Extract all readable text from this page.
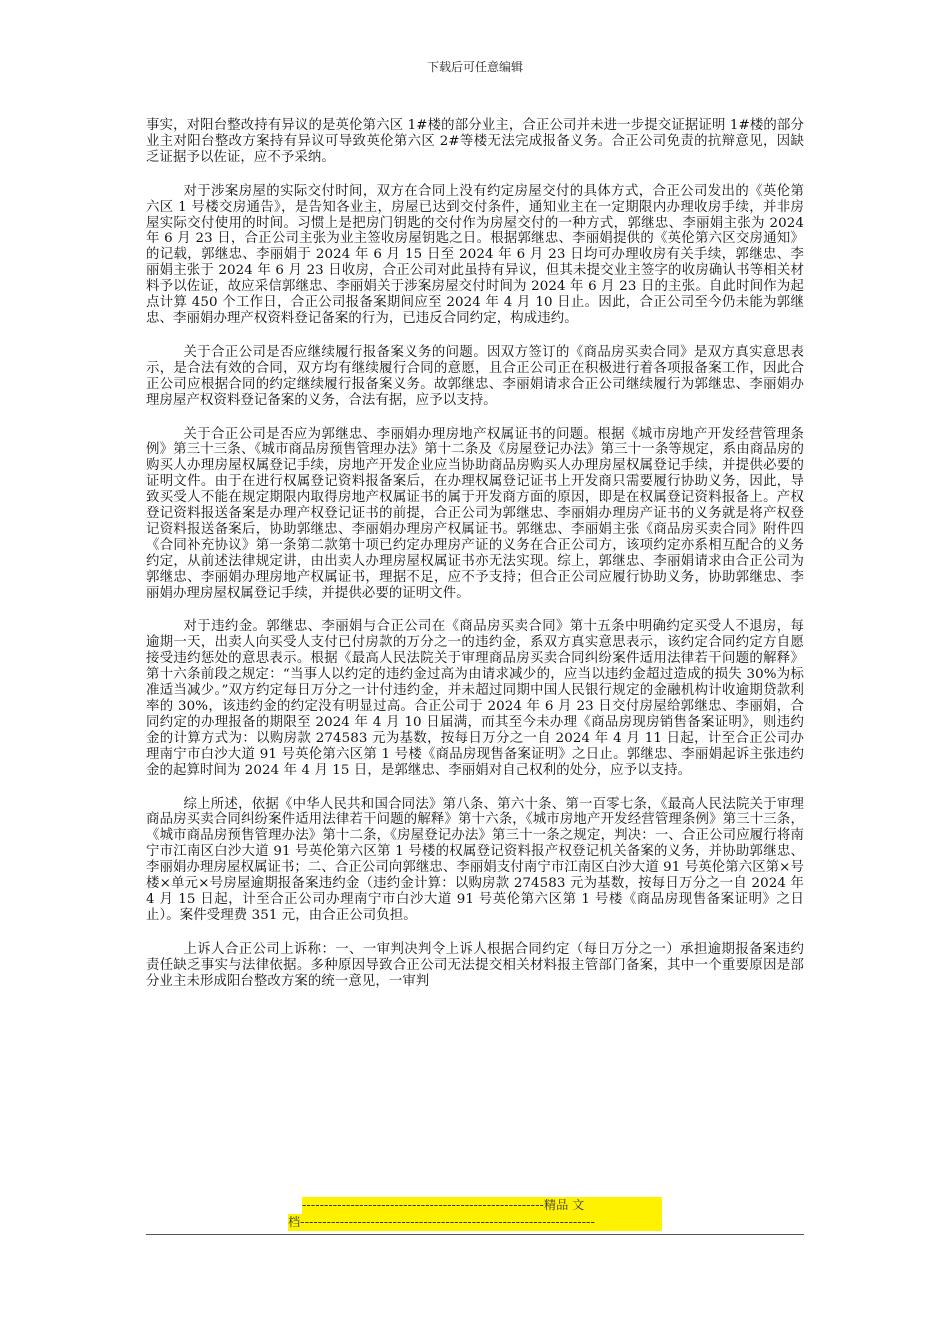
下载后可任意编辑

事实，对阳台整改持有异议的是英伦第六区 1#楼的部分业主，合正公司并未进一步提交证据证明 1#楼的部分业主对阳台整改方案持有异议可导致英伦第六区 2#等楼无法完成报备义务。合正公司免责的抗辩意见，因缺乏证据予以佐证，应不予采纳。

对于涉案房屋的实际交付时间，双方在合同上没有约定房屋交付的具体方式，合正公司发出的《英伦第六区 1 号楼交房通告》，是告知各业主，房屋已达到交付条件，通知业主在一定期限内办理收房手续，并非房屋实际交付使用的时间。习惯上是把房门钥匙的交付作为房屋交付的一种方式，郭继忠、李丽娟主张为 2024 年 6 月 23 日，合正公司主张为业主签收房屋钥匙之日。根据郭继忠、李丽娟提供的《英伦第六区交房通知》的记载，郭继忠、李丽娟于 2024 年 6 月 15 日至 2024 年 6 月 23 日均可办理收房有关手续，郭继忠、李丽娟主张于 2024 年 6 月 23 日收房，合正公司对此虽持有异议，但其未提交业主签字的收房确认书等相关材料予以佐证，故应采信郭继忠、李丽娟关于涉案房屋交付时间为 2024 年 6 月 23 日的主张。自此时间作为起点计算 450 个工作日，合正公司报备案期间应至 2024 年 4 月 10 日止。因此，合正公司至今仍未能为郭继忠、李丽娟办理产权资料登记备案的行为，已违反合同约定，构成违约。

关于合正公司是否应继续履行报备案义务的问题。因双方签订的《商品房买卖合同》是双方真实意思表示，是合法有效的合同，双方均有继续履行合同的意愿，且合正公司正在积极进行着各项报备案工作，因此合正公司应根据合同的约定继续履行报备案义务。故郭继忠、李丽娟请求合正公司继续履行为郭继忠、李丽娟办理房屋产权资料登记备案的义务，合法有据，应予以支持。

关于合正公司是否应为郭继忠、李丽娟办理房地产权属证书的问题。根据《城市房地产开发经营管理条例》第三十三条、《城市商品房预售管理办法》第十二条及《房屋登记办法》第三十一条等规定，系由商品房的购买人办理房屋权属登记手续，房地产开发企业应当协助商品房购买人办理房屋权属登记手续，并提供必要的证明文件。由于在进行权属登记资料报备案后，在办理权属登记证书上开发商只需要履行协助义务，因此，导致买受人不能在规定期限内取得房地产权属证书的属于开发商方面的原因，即是在权属登记资料报备上。产权登记资料报送备案是办理产权登记证书的前提，合正公司为郭继忠、李丽娟办理房产证书的义务就是将产权登记资料报送备案后，协助郭继忠、李丽娟办理房产权属证书。郭继忠、李丽娟主张《商品房买卖合同》附件四《合同补充协议》第一条第二款第十项已约定办理房产证的义务在合正公司方，该项约定亦系相互配合的义务约定，从前述法律规定讲，由出卖人办理房屋权属证书亦无法实现。综上，郭继忠、李丽娟请求由合正公司为郭继忠、李丽娟办理房地产权属证书，理据不足，应不予支持；但合正公司应履行协助义务，协助郭继忠、李丽娟办理房屋权属登记手续，并提供必要的证明文件。

对于违约金。郭继忠、李丽娟与合正公司在《商品房买卖合同》第十五条中明确约定买受人不退房，每逾期一天，出卖人向买受人支付已付房款的万分之一的违约金，系双方真实意思表示，该约定合同约定方自愿接受违约惩处的意思表示。根据《最高人民法院关于审理商品房买卖合同纠纷案件适用法律若干问题的解释》第十六条前段之规定：“当事人以约定的违约金过高为由请求减少的，应当以违约金超过造成的损失 30%为标准适当减少。”双方约定每日万分之一计付违约金，并未超过同期中国人民银行规定的金融机构计收逾期贷款利率的 30%，该违约金的约定没有明显过高。合正公司于 2024 年 6 月 23 日交付房屋给郭继忠、李丽娟，合同约定的办理报备的期限至 2024 年 4 月 10 日届满，而其至今未办理《商品房现房销售备案证明》，则违约金的计算方式为：以购房款 274583 元为基数，按每日万分之一自 2024 年 4 月 11 日起，计至合正公司办理南宁市白沙大道 91 号英伦第六区第 1 号楼《商品房现售备案证明》之日止。郭继忠、李丽娟起诉主张违约金的起算时间为 2024 年 4 月 15 日，是郭继忠、李丽娟对自己权利的处分，应予以支持。

综上所述，依据《中华人民共和国合同法》第八条、第六十条、第一百零七条，《最高人民法院关于审理商品房买卖合同纠纷案件适用法律若干问题的解释》第十六条，《城市房地产开发经营管理条例》第三十三条，《城市商品房预售管理办法》第十二条，《房屋登记办法》第三十一条之规定，判决：一、合正公司应履行将南宁市江南区白沙大道 91 号英伦第六区第 1 号楼的权属登记资料报产权登记机关备案的义务，并协助郭继忠、李丽娟办理房屋权属证书；二、合正公司向郭继忠、李丽娟支付南宁市江南区白沙大道 91 号英伦第六区第×号楼×单元×号房屋逾期报备案违约金（违约金计算：以购房款 274583 元为基数，按每日万分之一自 2024 年 4 月 15 日起，计至合正公司办理南宁市白沙大道 91 号英伦第六区第 1 号楼《商品房现售备案证明》之日止）。案件受理费 351 元，由合正公司负担。

上诉人合正公司上诉称：一、一审判决判令上诉人根据合同约定（每日万分之一）承担逾期报备案违约责任缺乏事实与法律依据。多种原因导致合正公司无法提交相关材料报主管部门备案，其中一个重要原因是部分业主未形成阳台整改方案的统一意见，一审判

-------------------------------------------------------精品 文
档-------------------------------------------------------------------
